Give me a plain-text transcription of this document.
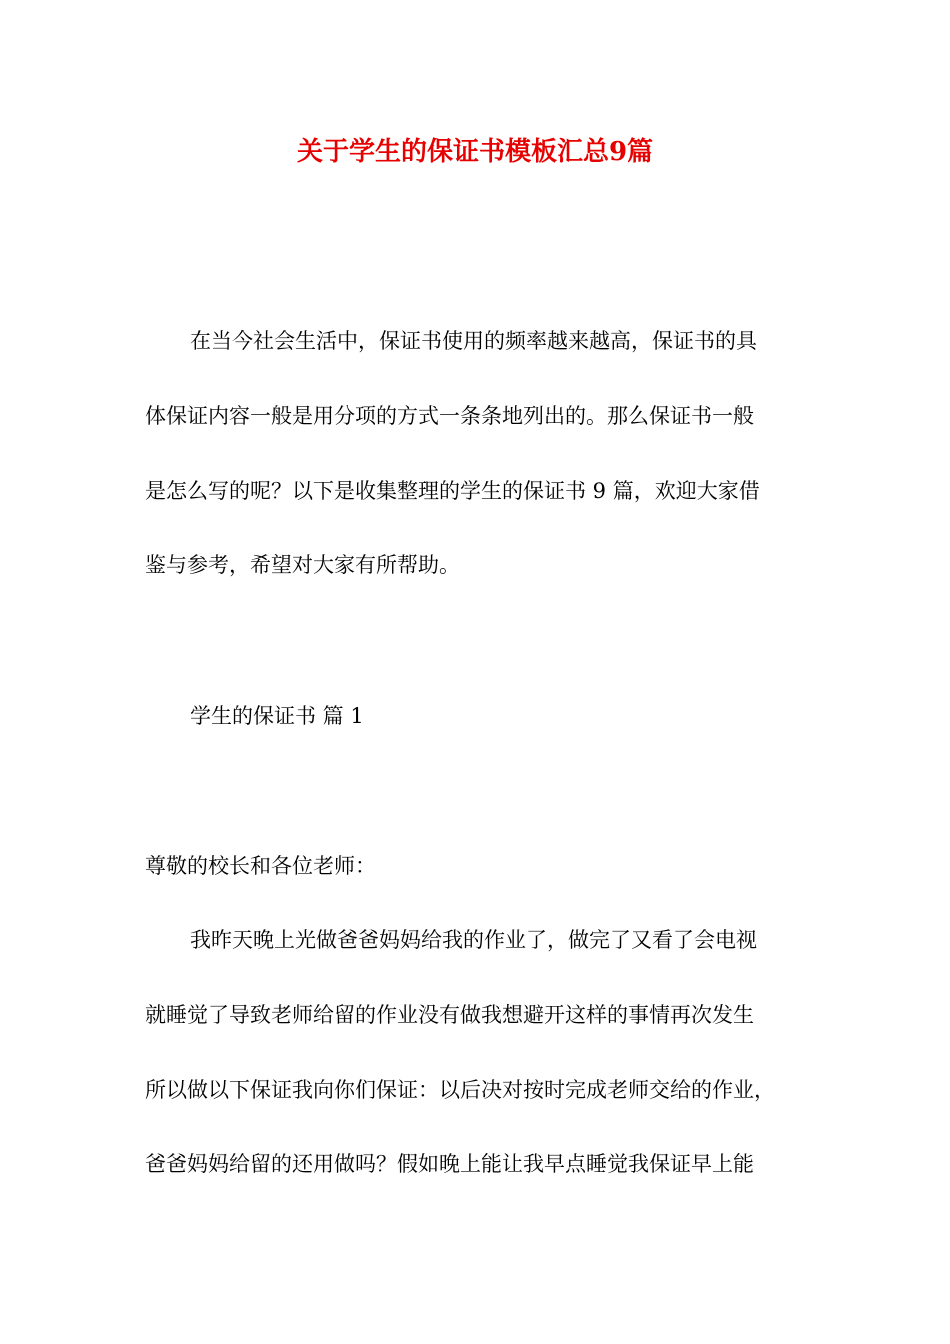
关于学生的保证书模板汇总9篇
在当今社会生活中，保证书使用的频率越来越高，保证书的具
体保证内容一般是用分项的方式一条条地列出的。那么保证书一般
是怎么写的呢？以下是收集整理的学生的保证书 9 篇，欢迎大家借
鉴与参考，希望对大家有所帮助。
学生的保证书 篇 1
尊敬的校长和各位老师：
我昨天晚上光做爸爸妈妈给我的作业了，做完了又看了会电视
就睡觉了导致老师给留的作业没有做我想避开这样的事情再次发生
所以做以下保证我向你们保证：以后决对按时完成老师交给的作业，
爸爸妈妈给留的还用做吗？假如晚上能让我早点睡觉我保证早上能
